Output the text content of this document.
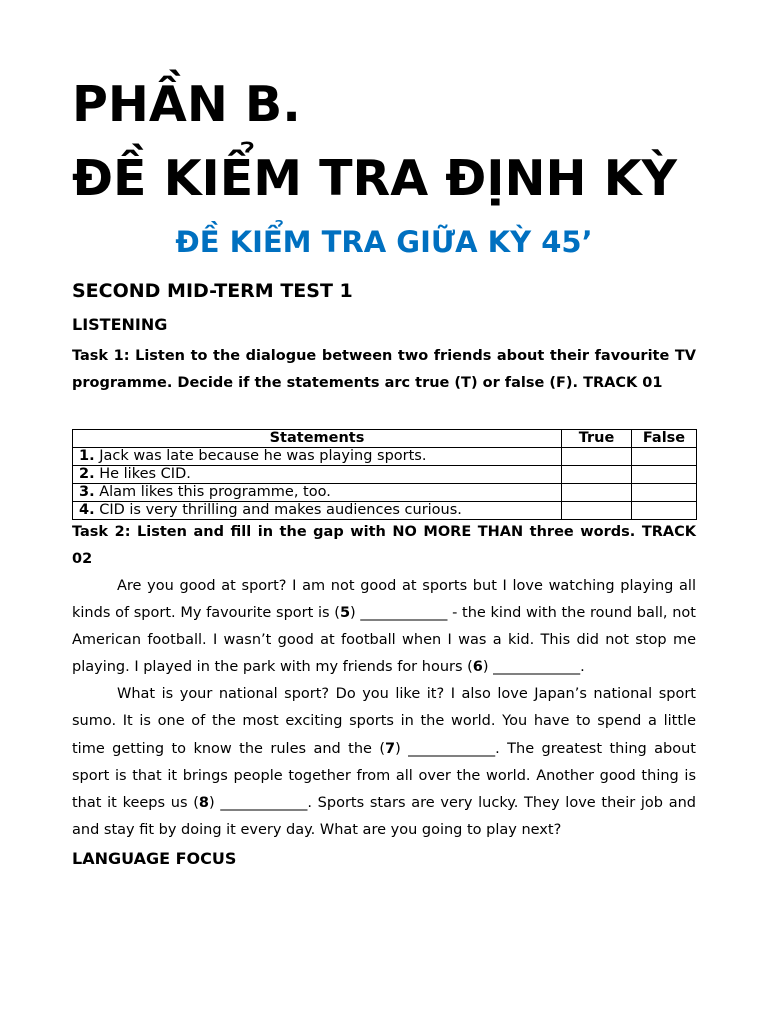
PHẦN B.
ĐỀ KIỂM TRA ĐỊNH KỲ
ĐỀ KIỂM TRA GIỮA KỲ 45’
SECOND MID-TERM TEST 1
LISTENING

Task 1: Listen to the dialogue between two friends about their favourite TV programme. Decide if the statements arc true (T) or false (F). TRACK 01

Statements	True	False
1. Jack was late because he was playing sports.		
2. He likes CID.		
3. Alam likes this programme, too.		
4. CID is very thrilling and makes audiences curious.		

Task 2: Listen and fill in the gap with NO MORE THAN three words. TRACK 02

Are you good at sport? I am not good at sports but I love watching playing all kinds of sport. My favourite sport is (5) ____________ - the kind with the round ball, not American football. I wasn’t good at football when I was a kid. This did not stop me playing. I played in the park with my friends for hours (6) ____________.

What is your national sport? Do you like it? I also love Japan’s national sport sumo. It is one of the most exciting sports in the world. You have to spend a little time getting to know the rules and the (7) ____________. The greatest thing about sport is that it brings people together from all over the world. Another good thing is that it keeps us (8) ____________. Sports stars are very lucky. They love their job and and stay fit by doing it every day. What are you going to play next?

LANGUAGE FOCUS
